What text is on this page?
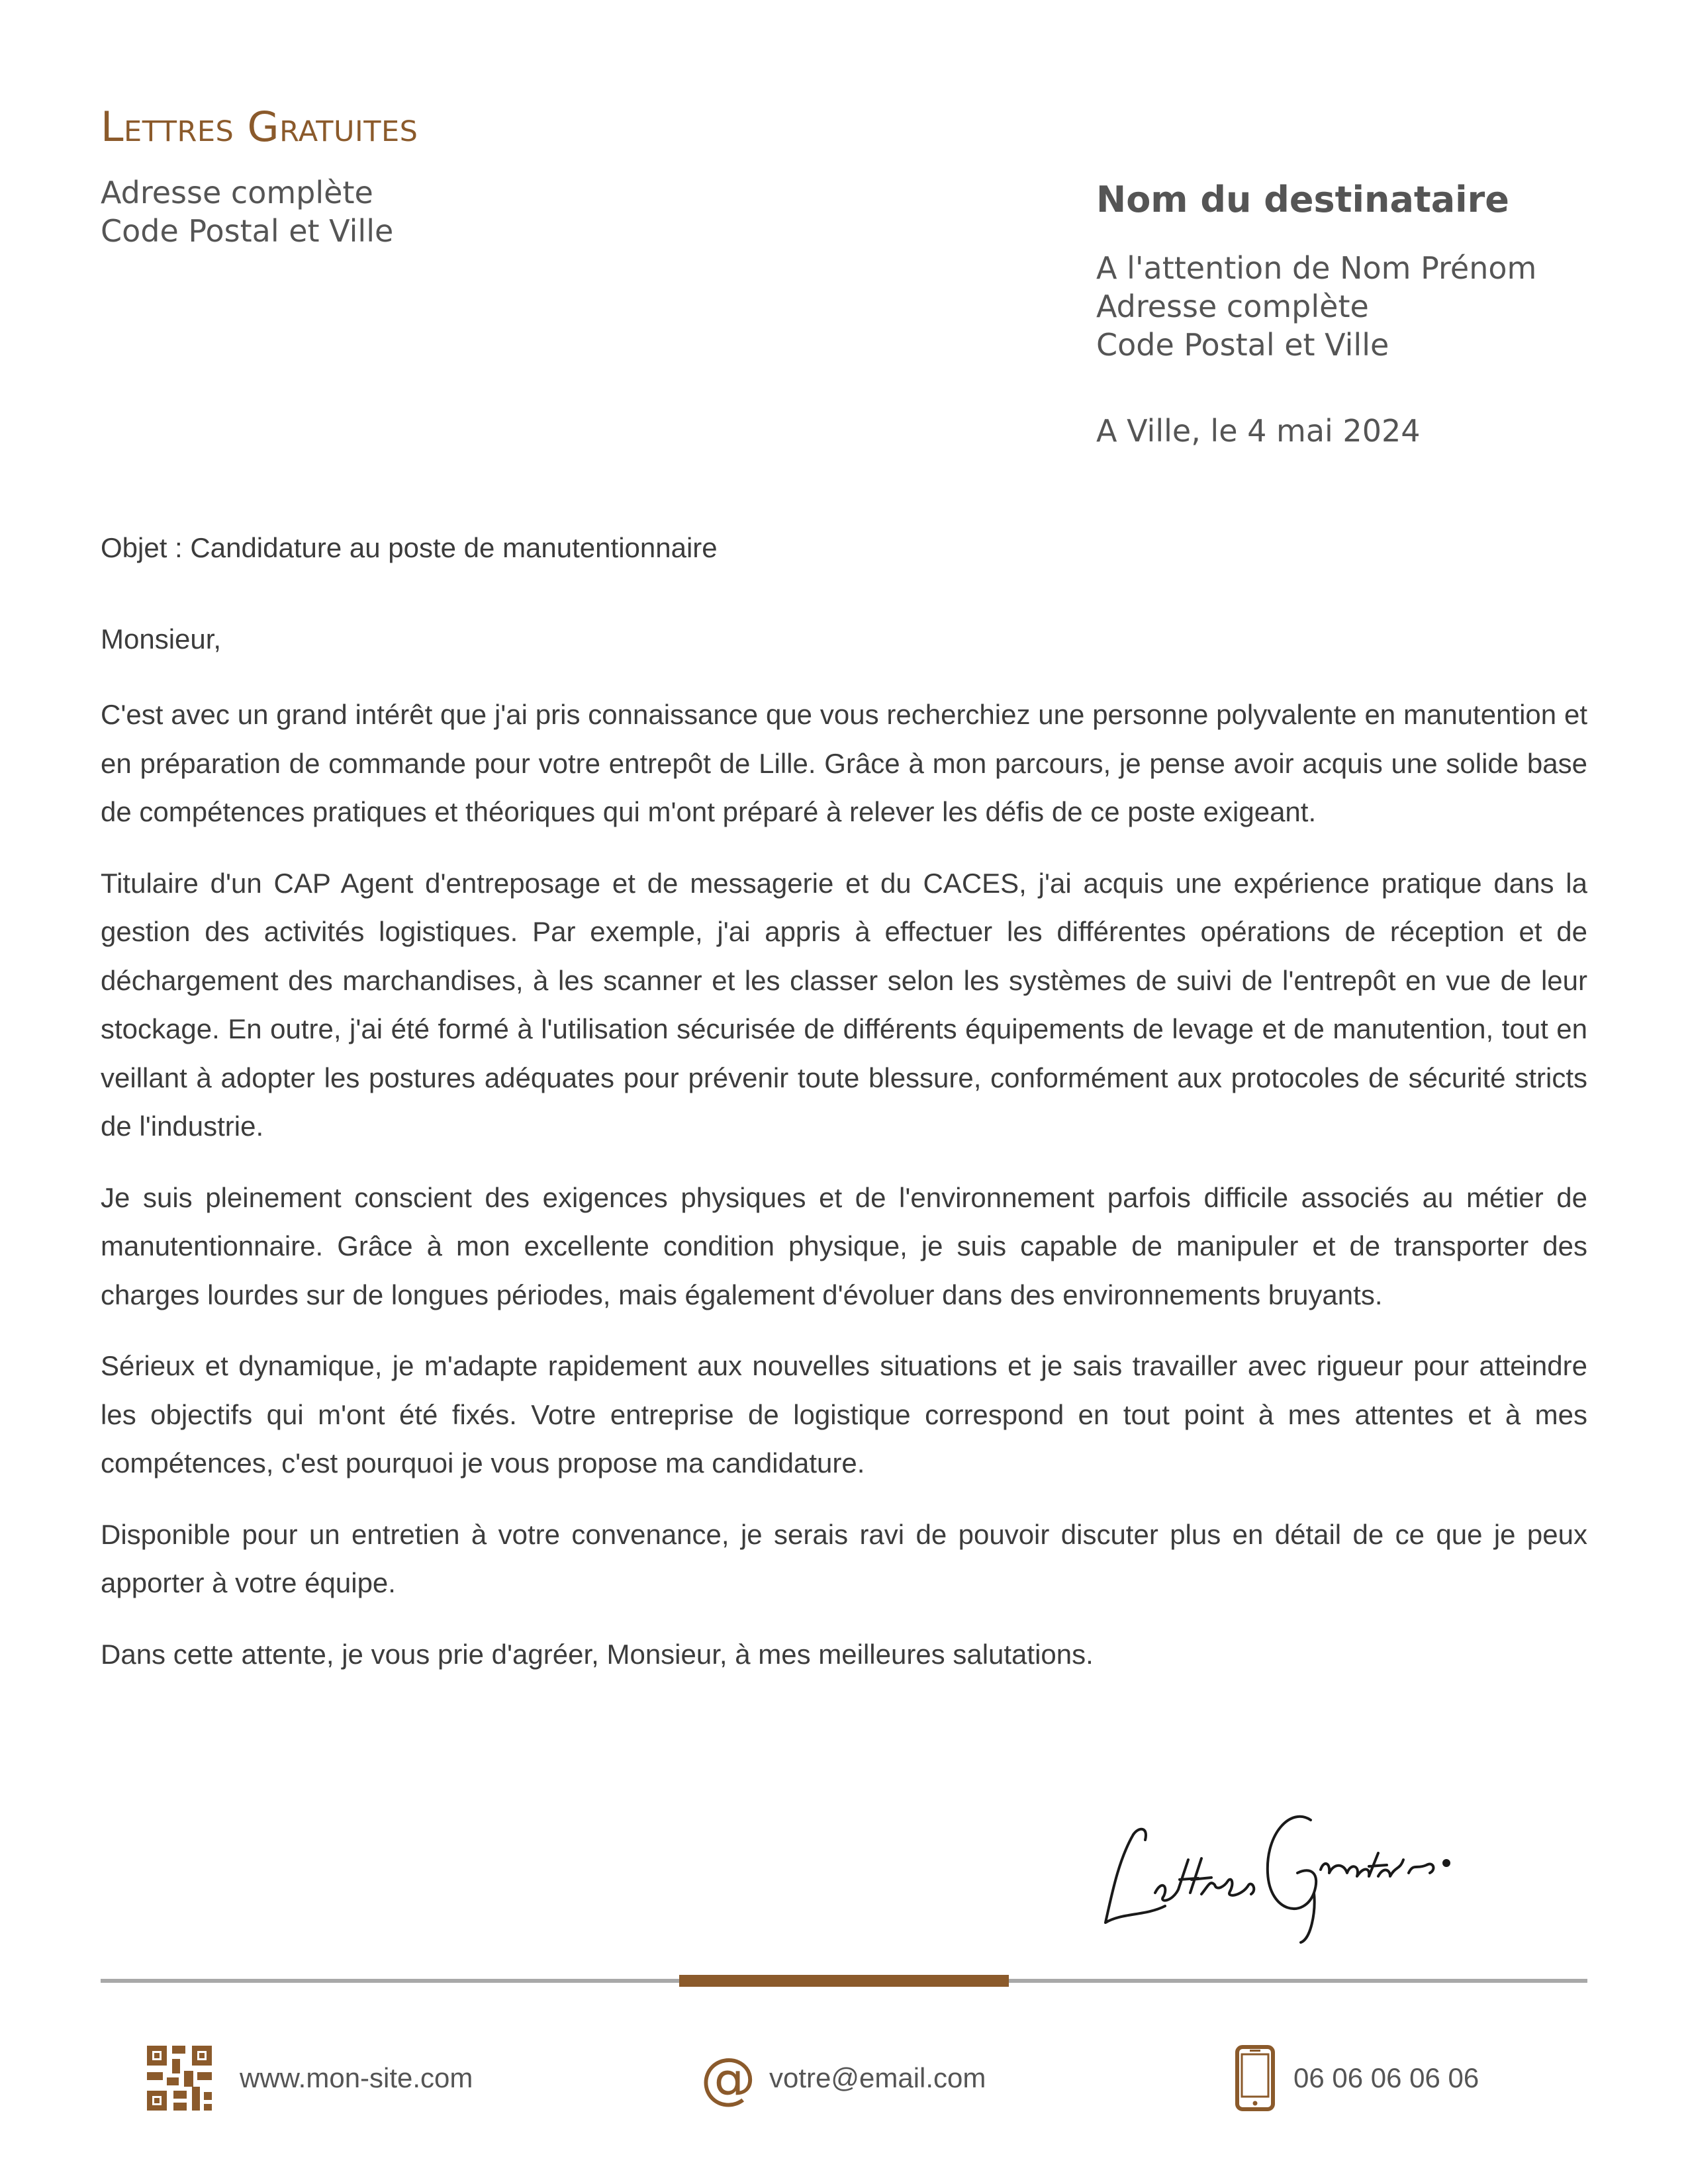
Lettres Gratuites
Adresse complète
Code Postal et Ville
Nom du destinataire
A l'attention de Nom Prénom
Adresse complète
Code Postal et Ville
A Ville, le 4 mai 2024
Objet : Candidature au poste de manutentionnaire
Monsieur,

C'est avec un grand intérêt que j'ai pris connaissance que vous recherchiez une personne polyvalente en manutention et en préparation de commande pour votre entrepôt de Lille. Grâce à mon parcours, je pense avoir acquis une solide base de compétences pratiques et théoriques qui m'ont préparé à relever les défis de ce poste exigeant.

Titulaire d'un CAP Agent d'entreposage et de messagerie et du CACES, j'ai acquis une expérience pratique dans la gestion des activités logistiques. Par exemple, j'ai appris à effectuer les différentes opérations de réception et de déchargement des marchandises, à les scanner et les classer selon les systèmes de suivi de l'entrepôt en vue de leur stockage. En outre, j'ai été formé à l'utilisation sécurisée de différents équipements de levage et de manutention, tout en veillant à adopter les postures adéquates pour prévenir toute blessure, conformément aux protocoles de sécurité stricts de l'industrie.

Je suis pleinement conscient des exigences physiques et de l'environnement parfois difficile associés au métier de manutentionnaire. Grâce à mon excellente condition physique, je suis capable de manipuler et de transporter des charges lourdes sur de longues périodes, mais également d'évoluer dans des environnements bruyants.

Sérieux et dynamique, je m'adapte rapidement aux nouvelles situations et je sais travailler avec rigueur pour atteindre les objectifs qui m'ont été fixés. Votre entreprise de logistique correspond en tout point à mes attentes et à mes compétences, c'est pourquoi je vous propose ma candidature.

Disponible pour un entretien à votre convenance, je serais ravi de pouvoir discuter plus en détail de ce que je peux apporter à votre équipe.

Dans cette attente, je vous prie d'agréer, Monsieur, à mes meilleures salutations.

www.mon-site.com	@ votre@email.com	06 06 06 06 06
